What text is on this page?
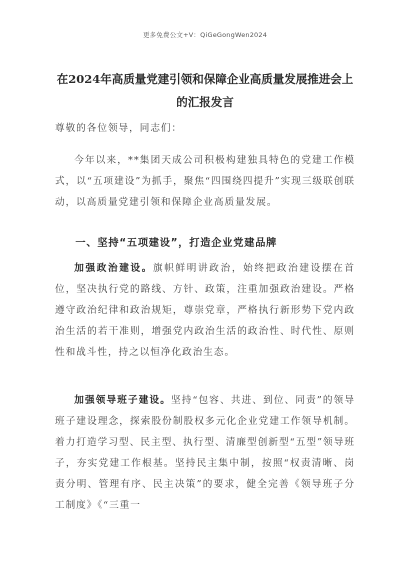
更多免费公文+V：QiGeGongWen2024
在2024年高质量党建引领和保障企业高质量发展推进会上的汇报发言
尊敬的各位领导，同志们：
今年以来，**集团天成公司积极构建独具特色的党建工作模式，以“五项建设”为抓手，聚焦“四围绕四提升”实现三级联创联动，以高质量党建引领和保障企业高质量发展。
一、坚持“五项建设”，打造企业党建品牌
加强政治建设。旗帜鲜明讲政治，始终把政治建设摆在首位，坚决执行党的路线、方针、政策，注重加强政治建设。严格遵守政治纪律和政治规矩，尊崇党章，严格执行新形势下党内政治生活的若干准则，增强党内政治生活的政治性、时代性、原则性和战斗性，持之以恒净化政治生态。
加强领导班子建设。坚持“包容、共进、到位、同责”的领导班子建设理念，探索股份制股权多元化企业党建工作领导机制。着力打造学习型、民主型、执行型、清廉型创新型“五型”领导班子，夯实党建工作根基。坚持民主集中制，按照“权责清晰、岗责分明、管理有序、民主决策”的要求，健全完善《领导班子分工制度》《“三重一
